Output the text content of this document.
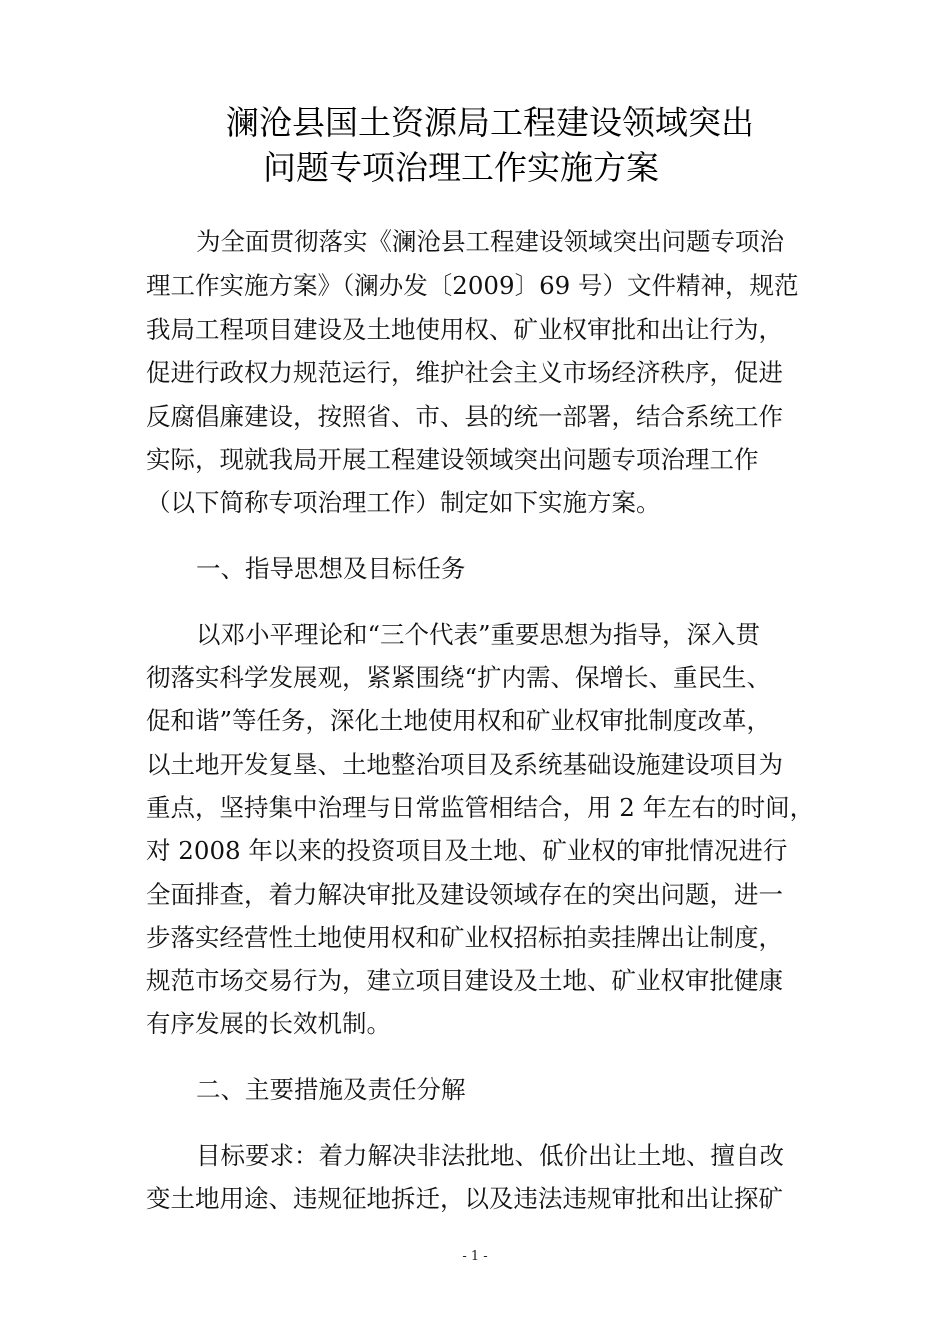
澜沧县国土资源局工程建设领域突出
问题专项治理工作实施方案
为全面贯彻落实《澜沧县工程建设领域突出问题专项治
理工作实施方案》（澜办发〔2009〕69 号）文件精神，规范
我局工程项目建设及土地使用权、矿业权审批和出让行为，
促进行政权力规范运行，维护社会主义市场经济秩序，促进
反腐倡廉建设，按照省、市、县的统一部署，结合系统工作
实际，现就我局开展工程建设领域突出问题专项治理工作
（以下简称专项治理工作）制定如下实施方案。
一、指导思想及目标任务
以邓小平理论和“三个代表”重要思想为指导，深入贯
彻落实科学发展观，紧紧围绕“扩内需、保增长、重民生、
促和谐”等任务，深化土地使用权和矿业权审批制度改革，
以土地开发复垦、土地整治项目及系统基础设施建设项目为
重点，坚持集中治理与日常监管相结合，用 2 年左右的时间，
对 2008 年以来的投资项目及土地、矿业权的审批情况进行
全面排查，着力解决审批及建设领域存在的突出问题，进一
步落实经营性土地使用权和矿业权招标拍卖挂牌出让制度，
规范市场交易行为，建立项目建设及土地、矿业权审批健康
有序发展的长效机制。
二、主要措施及责任分解
目标要求：着力解决非法批地、低价出让土地、擅自改
变土地用途、违规征地拆迁，以及违法违规审批和出让探矿
- 1 -
